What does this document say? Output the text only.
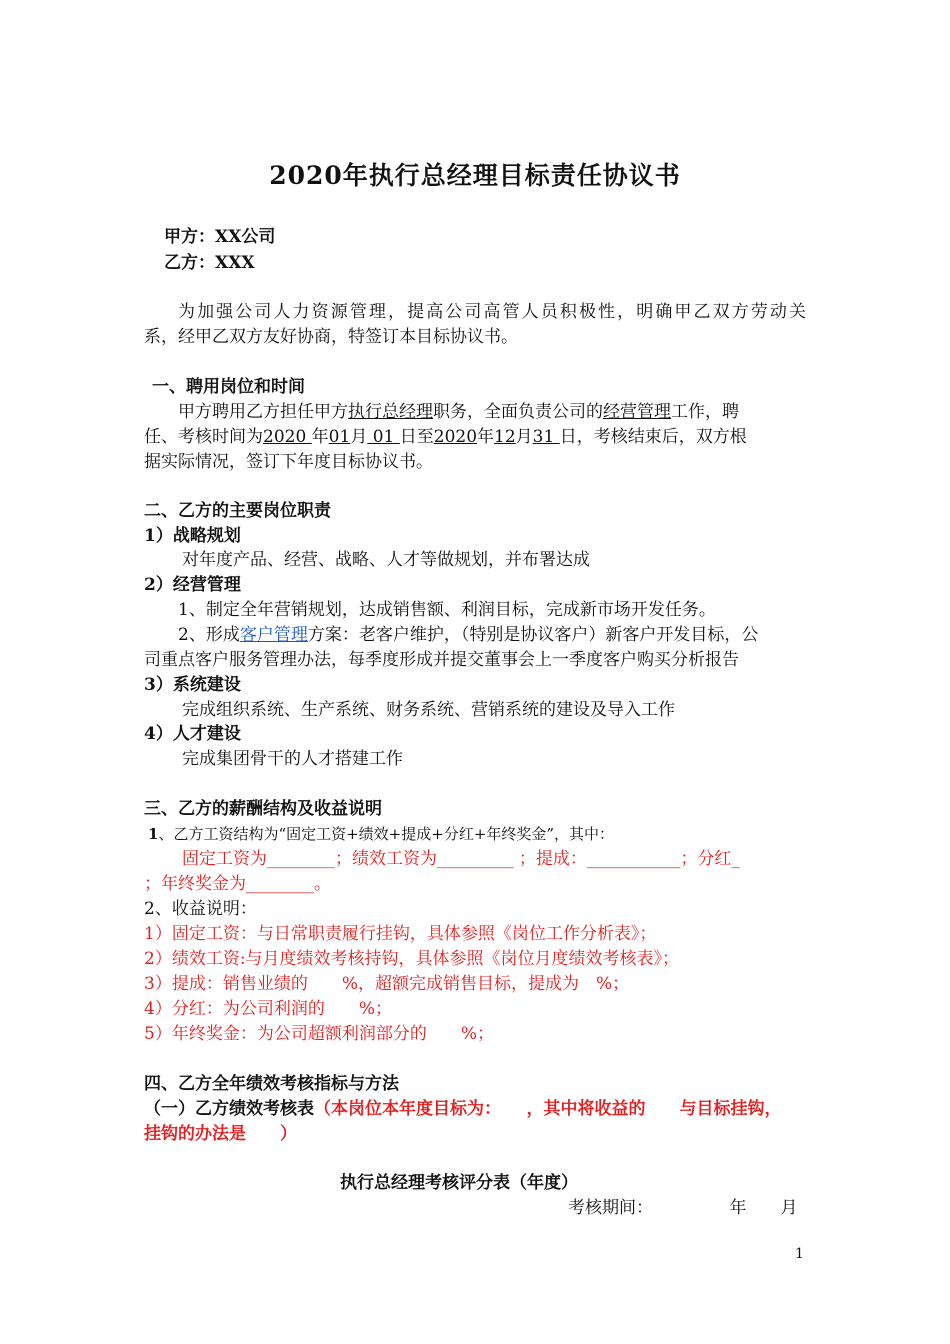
2020年执行总经理目标责任协议书
甲方：XX公司
乙方：XXX
为加强公司人力资源管理，提高公司高管人员积极性，明确甲乙双方劳动关
系，经甲乙双方友好协商，特签订本目标协议书。
一、聘用岗位和时间
甲方聘用乙方担任甲方执行总经理职务，全面负责公司的经营管理工作，聘
任、考核时间为2020 年01月 01 日至2020年12月31 日，考核结束后，双方根
据实际情况，签订下年度目标协议书。
二、乙方的主要岗位职责
1）战略规划
对年度产品、经营、战略、人才等做规划，并布署达成
2）经营管理
1、制定全年营销规划，达成销售额、利润目标，完成新市场开发任务。
2、形成客户管理方案：老客户维护，（特别是协议客户）新客户开发目标，公
司重点客户服务管理办法，每季度形成并提交董事会上一季度客户购买分析报告
3）系统建设
完成组织系统、生产系统、财务系统、营销系统的建设及导入工作
4）人才建设
完成集团骨干的人才搭建工作
三、乙方的薪酬结构及收益说明
1、乙方工资结构为“固定工资+绩效+提成+分红+年终奖金”，其中：
固定工资为________；绩效工资为_________ ；提成：___________；分红_
；年终奖金为________。
2、收益说明：
1）固定工资：与日常职责履行挂钩，具体参照《岗位工作分析表》；
2）绩效工资:与月度绩效考核持钩，具体参照《岗位月度绩效考核表》；
3）提成：销售业绩的　　%，超额完成销售目标，提成为　%；
4）分红：为公司利润的　　%；
5）年终奖金：为公司超额利润部分的　　%；
四、乙方全年绩效考核指标与方法
（一）乙方绩效考核表（本岗位本年度目标为：　　，其中将收益的　　与目标挂钩，
挂钩的办法是　　）
执行总经理考核评分表（年度）
考核期间：　　　　　年　　月
1
